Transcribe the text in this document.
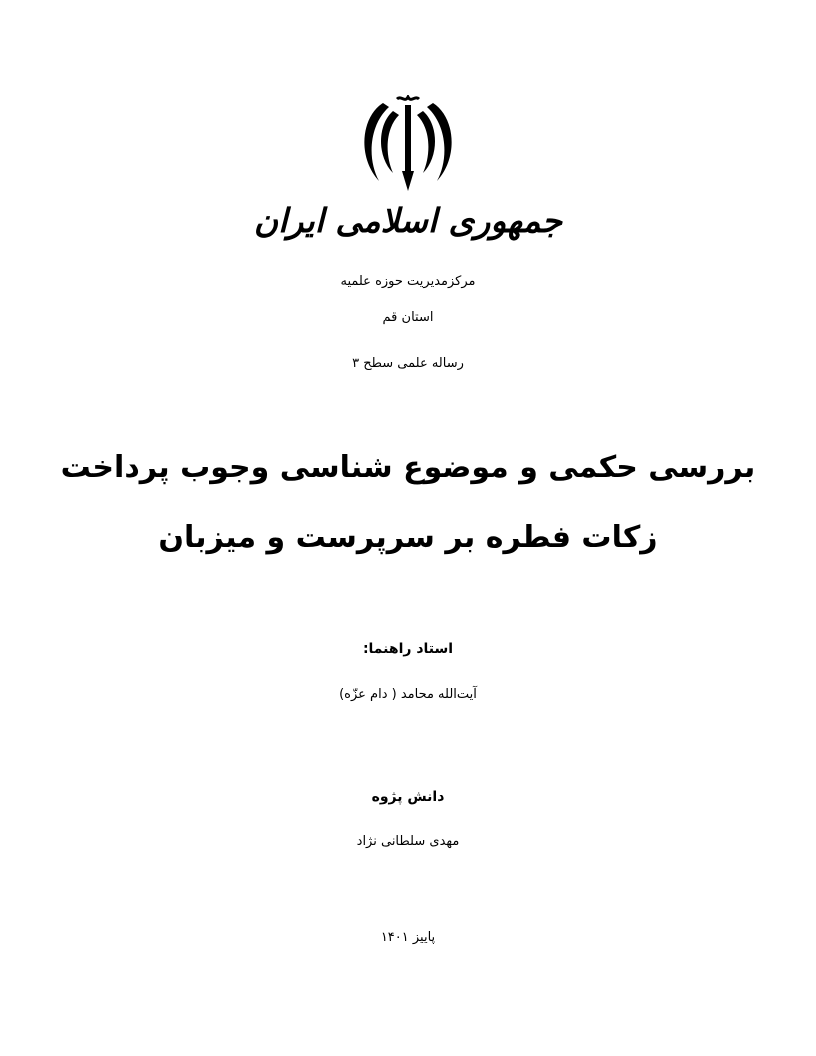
جمهوری اسلامی ایران
مرکزمدیریت حوزه علمیه
استان قم
رساله علمی سطح ۳
بررسی حکمی و موضوع شناسی وجوب پرداخت
زکات فطره بر سرپرست و میزبان
استاد راهنما:
آیت‌الله محامد ( دام عزّه)
دانش پژوه
مهدی سلطانی نژاد
پاییز ۱۴۰۱
